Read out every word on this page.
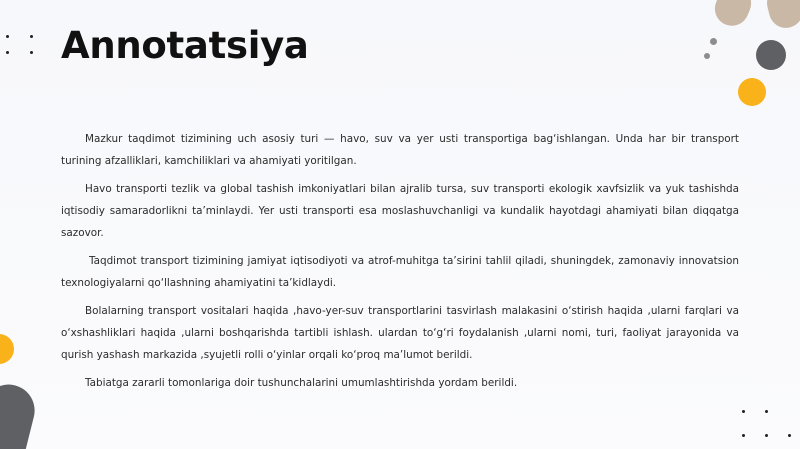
Annotatsiya

Mazkur taqdimot tizimining uch asosiy turi — havo, suv va yer usti transportiga bag‘ishlangan. Unda har bir transport turining afzalliklari, kamchiliklari va ahamiyati yoritilgan.

Havo transporti tezlik va global tashish imkoniyatlari bilan ajralib tursa, suv transporti ekologik xavfsizlik va yuk tashishda iqtisodiy samaradorlikni ta’minlaydi. Yer usti transporti esa moslashuvchanligi va kundalik hayotdagi ahamiyati bilan diqqatga sazovor.

Taqdimot transport tizimining jamiyat iqtisodiyoti va atrof-muhitga ta’sirini tahlil qiladi, shuningdek, zamonaviy innovatsion texnologiyalarni qo‘llashning ahamiyatini ta’kidlaydi.

Bolalarning transport vositalari haqida ,havo-yer-suv transportlarini tasvirlash malakasini o‘stirish haqida ,ularni farqlari va o‘xshashliklari haqida ,ularni boshqarishda tartibli ishlash. ulardan to‘g‘ri foydalanish ,ularni nomi, turi, faoliyat jarayonida va qurish yashash markazida ,syujetli rolli o‘yinlar orqali ko‘proq ma’lumot berildi.

Tabiatga zararli tomonlariga doir tushunchalarini umumlashtirishda yordam berildi.
